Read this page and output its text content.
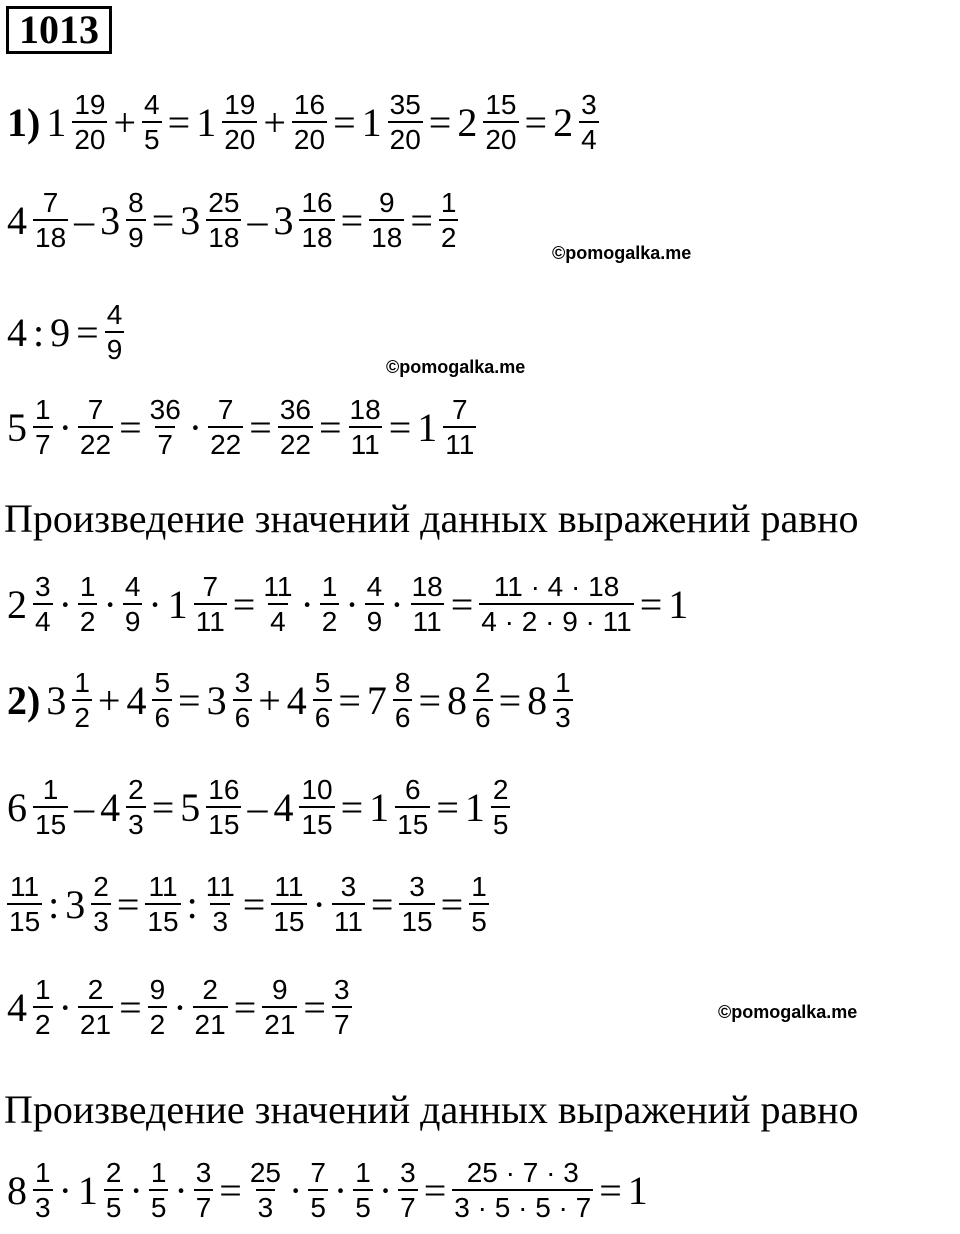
1013
1) $1 \frac{19}{20} + \frac{4}{5} = 1 \frac{19}{20} + \frac{16}{20} = 1 \frac{35}{20} = 2 \frac{15}{20} = 2 \frac{3}{4}$
$4 \frac{7}{18} - 3 \frac{8}{9} = 3 \frac{25}{18} - 3 \frac{16}{18} = \frac{9}{18} = \frac{1}{2}$
4 : $9 = \frac{4}{9}$
$5 \frac{1}{7} \cdot \frac{7}{22} = \frac{36}{7} \cdot \frac{7}{22} = \frac{36}{22} = \frac{18}{11} = 1 \frac{7}{11}$
$2 \frac{3}{4} \cdot \frac{1}{2} \cdot \frac{4}{9} \cdot 1 \frac{7}{11} = \frac{11}{4} \cdot \frac{1}{2} \cdot \frac{4}{9} \cdot \frac{18}{11} = \frac{11 \cdot 4 \cdot 18}{4 \cdot 2 \cdot 9 \cdot 11} = 1$
2) $3 \frac{1}{2} + 4 \frac{5}{6} = 3 \frac{3}{6} + 4 \frac{5}{6} = 7 \frac{8}{6} = 8 \frac{2}{6} = 8 \frac{1}{3}$
$6 \frac{1}{15} - 4 \frac{2}{3} = 5 \frac{16}{15} - 4 \frac{10}{15} = 1 \frac{6}{15} = 1 \frac{2}{5}$
$\frac{11}{15}$ : $3 \frac{2}{3} = \frac{11}{15}$ : $\frac{11}{3} = \frac{11}{15} \cdot \frac{3}{11} = \frac{3}{15} = \frac{1}{5}$
$4 \frac{1}{2} \cdot \frac{2}{21} = \frac{9}{2} \cdot \frac{2}{21} = \frac{9}{21} = \frac{3}{7}$
$8 \frac{1}{3} \cdot 1 \frac{2}{5} \cdot \frac{1}{5} \cdot \frac{3}{7} = \frac{25}{3} \cdot \frac{7}{5} \cdot \frac{1}{5} \cdot \frac{3}{7} = \frac{25 \cdot 7 \cdot 3}{3 \cdot 5 \cdot 5 \cdot 7} = 1$
Произведение значений данных выражений равно
Произведение значений данных выражений равно
©pomogalka.me
©pomogalka.me
©pomogalka.me
